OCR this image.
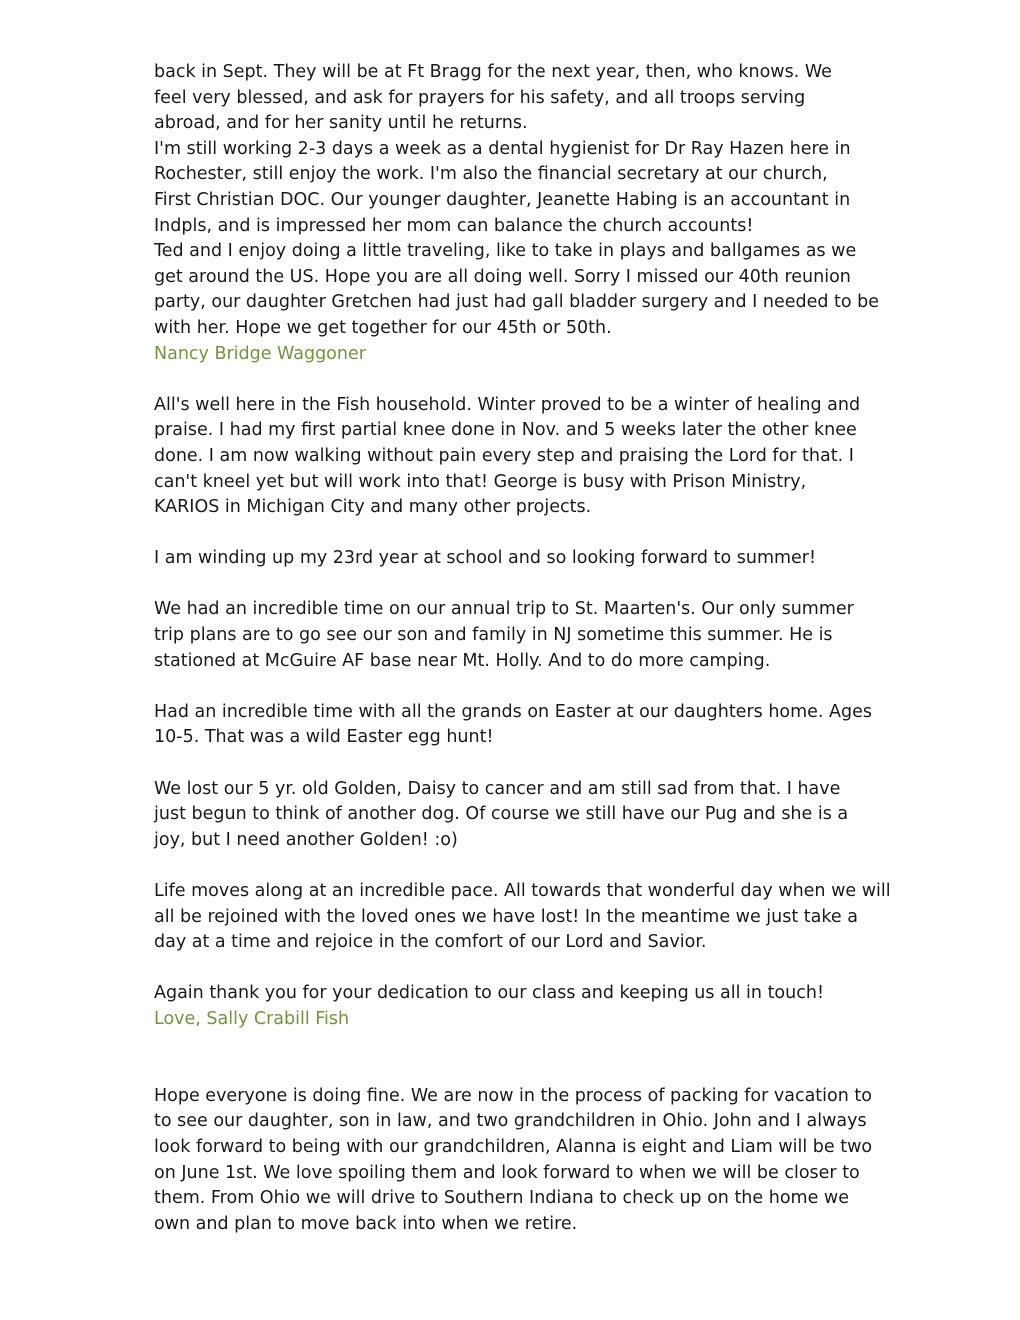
back in Sept. They will be at Ft Bragg for the next year, then, who knows. We
feel very blessed, and ask for prayers for his safety, and all troops serving
abroad, and for her sanity until he returns.
I'm still working 2-3 days a week as a dental hygienist for Dr Ray Hazen here in
Rochester, still enjoy the work. I'm also the financial secretary at our church,
First Christian DOC. Our younger daughter, Jeanette Habing is an accountant in
Indpls, and is impressed her mom can balance the church accounts!
Ted and I enjoy doing a little traveling, like to take in plays and ballgames as we
get around the US. Hope you are all doing well. Sorry I missed our 40th reunion
party, our daughter Gretchen had just had gall bladder surgery and I needed to be
with her. Hope we get together for our 45th or 50th.
Nancy Bridge Waggoner
All's well here in the Fish household. Winter proved to be a winter of healing and
praise. I had my first partial knee done in Nov. and 5 weeks later the other knee
done. I am now walking without pain every step and praising the Lord for that. I
can't kneel yet but will work into that! George is busy with Prison Ministry,
KARIOS in Michigan City and many other projects.
I am winding up my 23rd year at school and so looking forward to summer!
We had an incredible time on our annual trip to St. Maarten's. Our only summer
trip plans are to go see our son and family in NJ sometime this summer. He is
stationed at McGuire AF base near Mt. Holly. And to do more camping.
Had an incredible time with all the grands on Easter at our daughters home. Ages
10-5. That was a wild Easter egg hunt!
We lost our 5 yr. old Golden, Daisy to cancer and am still sad from that. I have
just begun to think of another dog. Of course we still have our Pug and she is a
joy, but I need another Golden! :o)
Life moves along at an incredible pace. All towards that wonderful day when we will
all be rejoined with the loved ones we have lost! In the meantime we just take a
day at a time and rejoice in the comfort of our Lord and Savior.
Again thank you for your dedication to our class and keeping us all in touch!
Love, Sally Crabill Fish
Hope everyone is doing fine. We are now in the process of packing for vacation to
to see our daughter, son in law, and two grandchildren in Ohio. John and I always
look forward to being with our grandchildren, Alanna is eight and Liam will be two
on June 1st. We love spoiling them and look forward to when we will be closer to
them. From Ohio we will drive to Southern Indiana to check up on the home we
own and plan to move back into when we retire.
